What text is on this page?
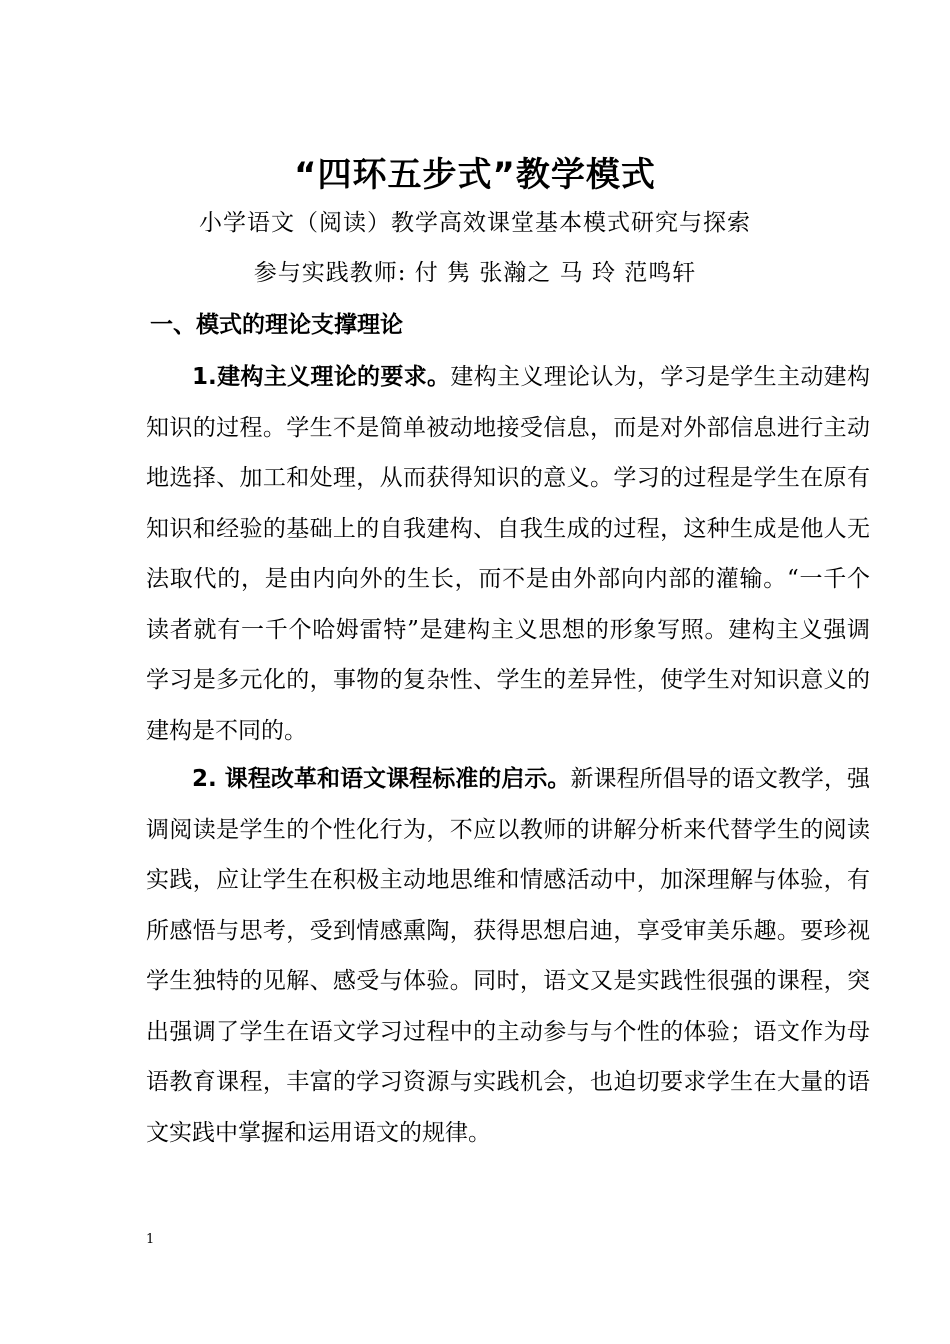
“四环五步式”教学模式
小学语文（阅读）教学高效课堂基本模式研究与探索
参与实践教师: 付 隽 张瀚之 马 玲 范鸣轩
一、模式的理论支撑理论
1.建构主义理论的要求。建构主义理论认为，学习是学生主动建构知识的过程。学生不是简单被动地接受信息，而是对外部信息进行主动地选择、加工和处理，从而获得知识的意义。学习的过程是学生在原有知识和经验的基础上的自我建构、自我生成的过程，这种生成是他人无法取代的，是由内向外的生长，而不是由外部向内部的灌输。“一千个读者就有一千个哈姆雷特”是建构主义思想的形象写照。建构主义强调学习是多元化的，事物的复杂性、学生的差异性，使学生对知识意义的建构是不同的。
2. 课程改革和语文课程标准的启示。新课程所倡导的语文教学，强调阅读是学生的个性化行为，不应以教师的讲解分析来代替学生的阅读实践，应让学生在积极主动地思维和情感活动中，加深理解与体验，有所感悟与思考，受到情感熏陶，获得思想启迪，享受审美乐趣。要珍视学生独特的见解、感受与体验。同时，语文又是实践性很强的课程，突出强调了学生在语文学习过程中的主动参与与个性的体验；语文作为母语教育课程，丰富的学习资源与实践机会，也迫切要求学生在大量的语文实践中掌握和运用语文的规律。
1
